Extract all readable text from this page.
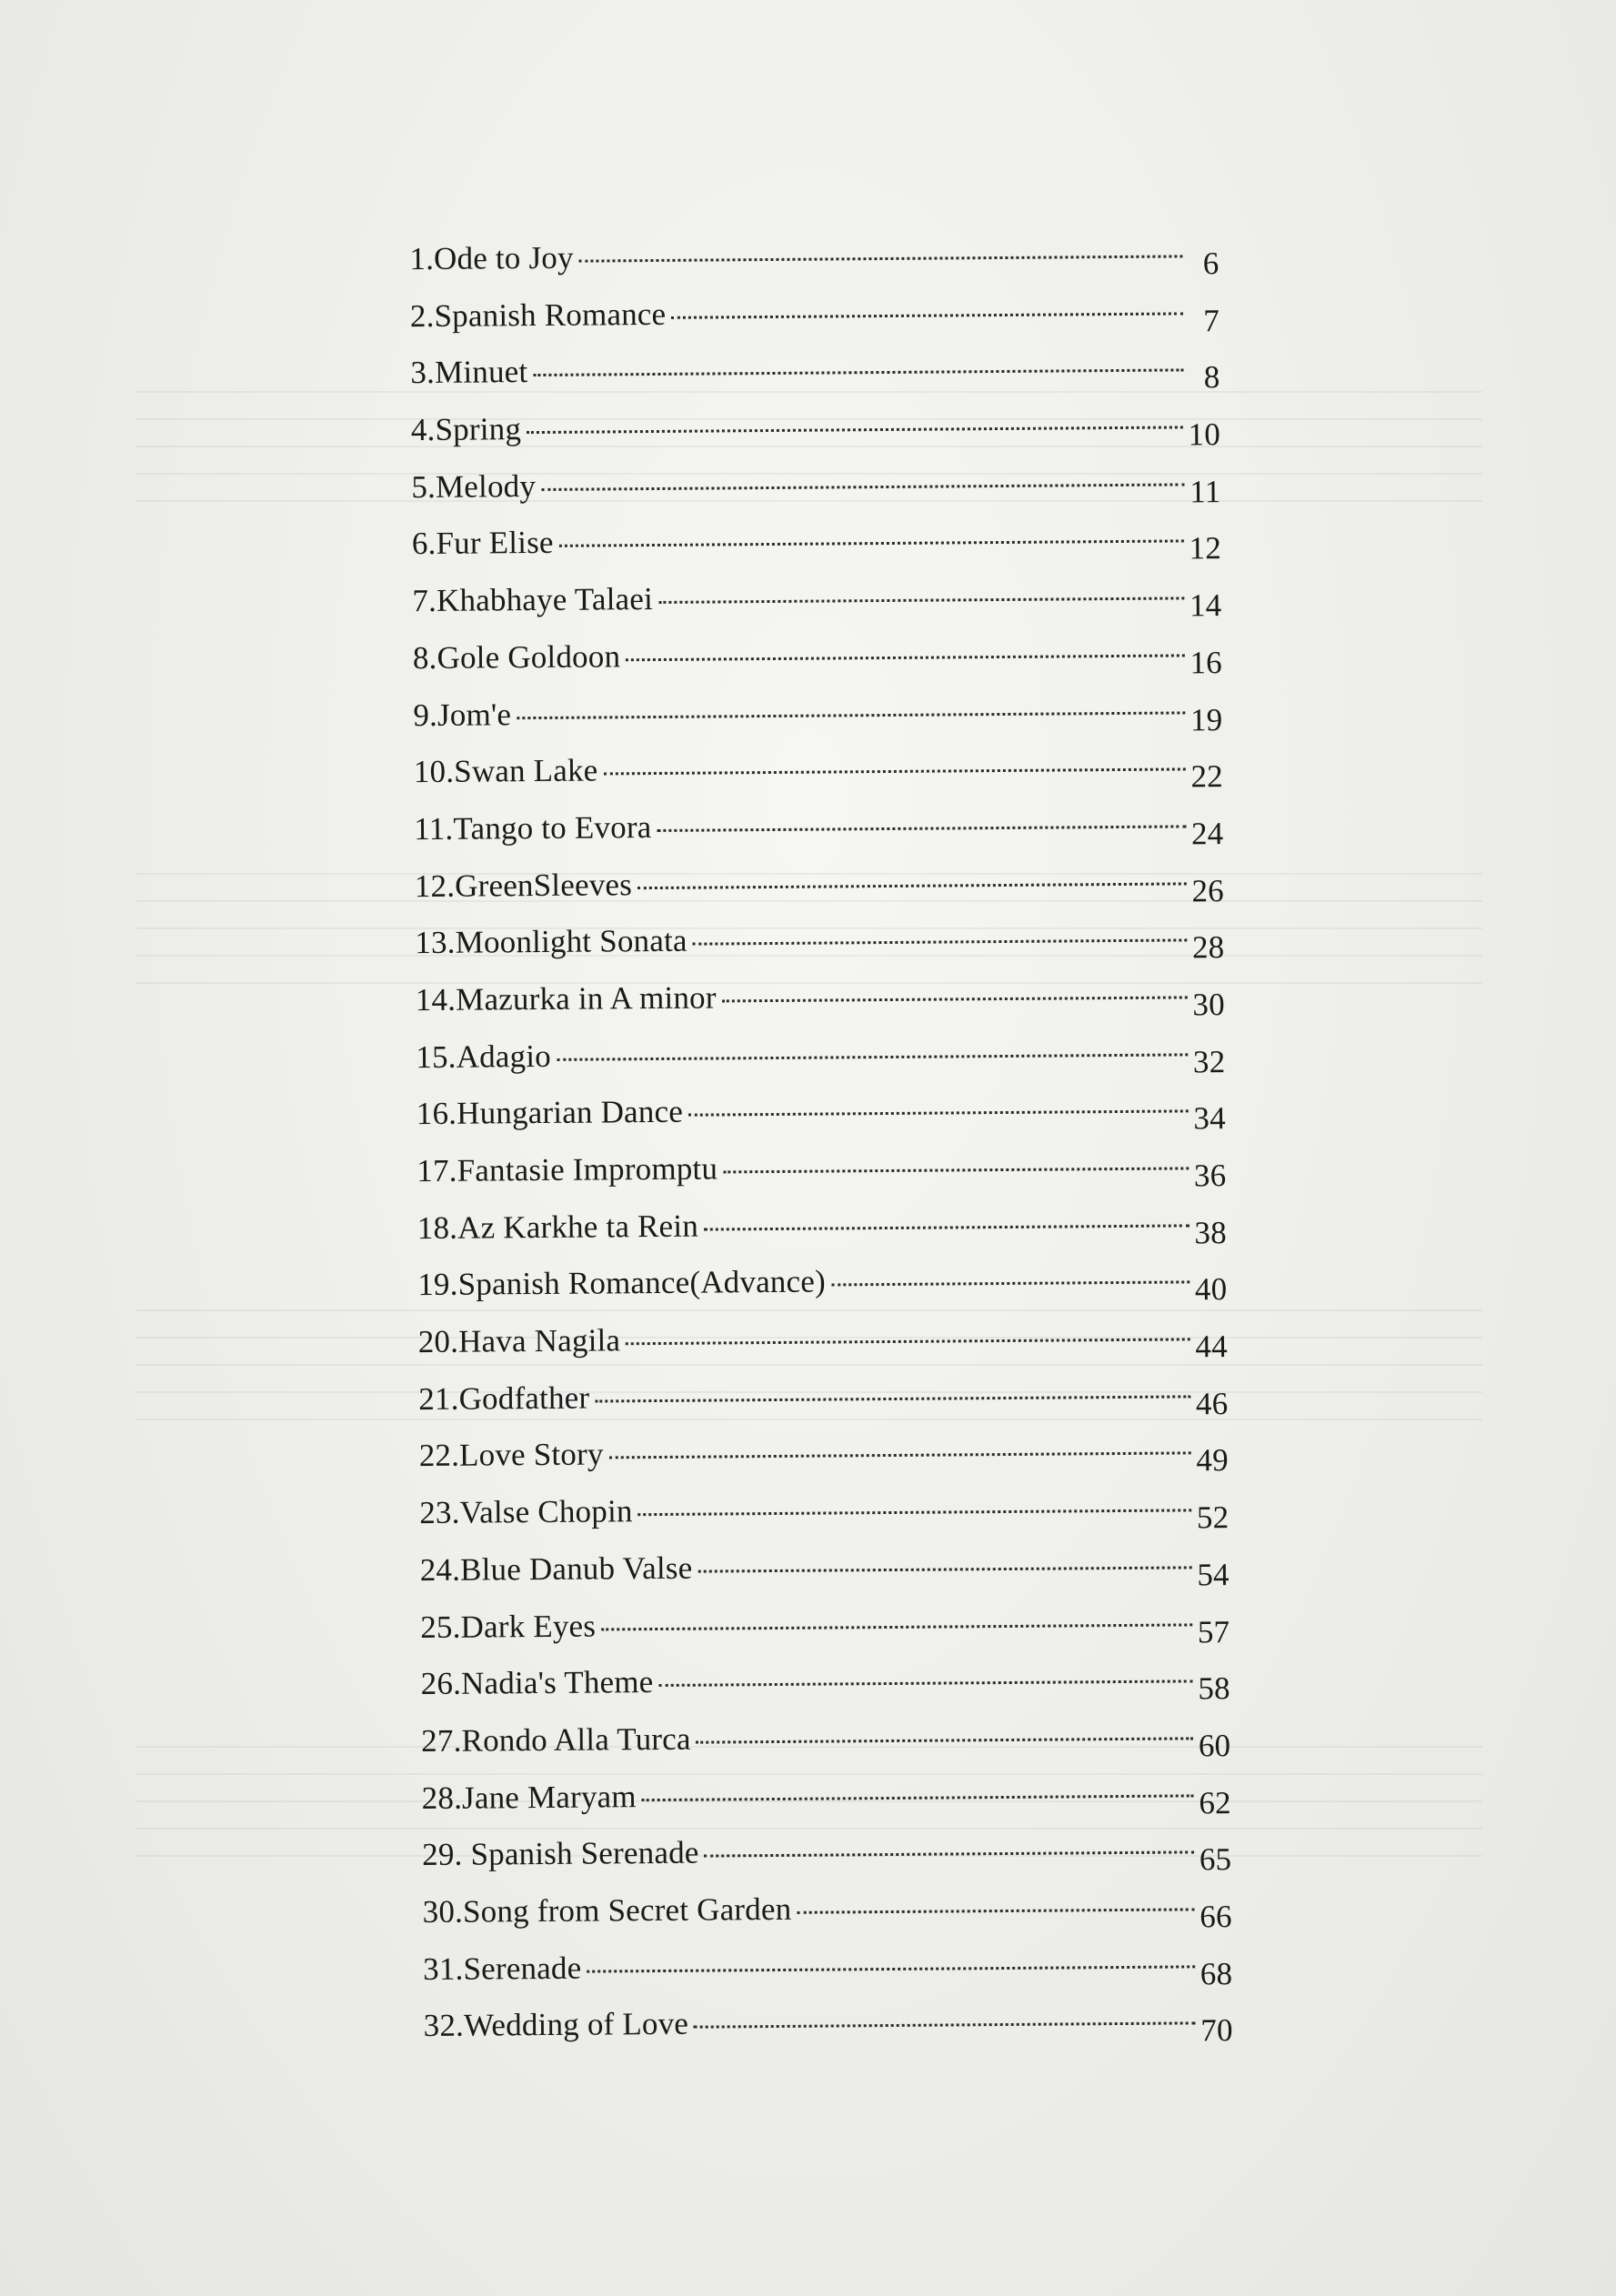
1.Ode to Joy	6
2.Spanish Romance	7
3.Minuet	8
4.Spring	10
5.Melody	11
6.Fur Elise	12
7.Khabhaye Talaei	14
8.Gole Goldoon	16
9.Jom'e	19
10.Swan Lake	22
11.Tango to Evora	24
12.GreenSleeves	26
13.Moonlight Sonata	28
14.Mazurka in A minor	30
15.Adagio	32
16.Hungarian Dance	34
17.Fantasie Impromptu	36
18.Az Karkhe ta Rein	38
19.Spanish Romance(Advance)	40
20.Hava Nagila	44
21.Godfather	46
22.Love Story	49
23.Valse Chopin	52
24.Blue Danub Valse	54
25.Dark Eyes	57
26.Nadia's Theme	58
27.Rondo Alla Turca	60
28.Jane Maryam	62
29. Spanish Serenade	65
30.Song from Secret Garden	66
31.Serenade	68
32.Wedding of Love	70
